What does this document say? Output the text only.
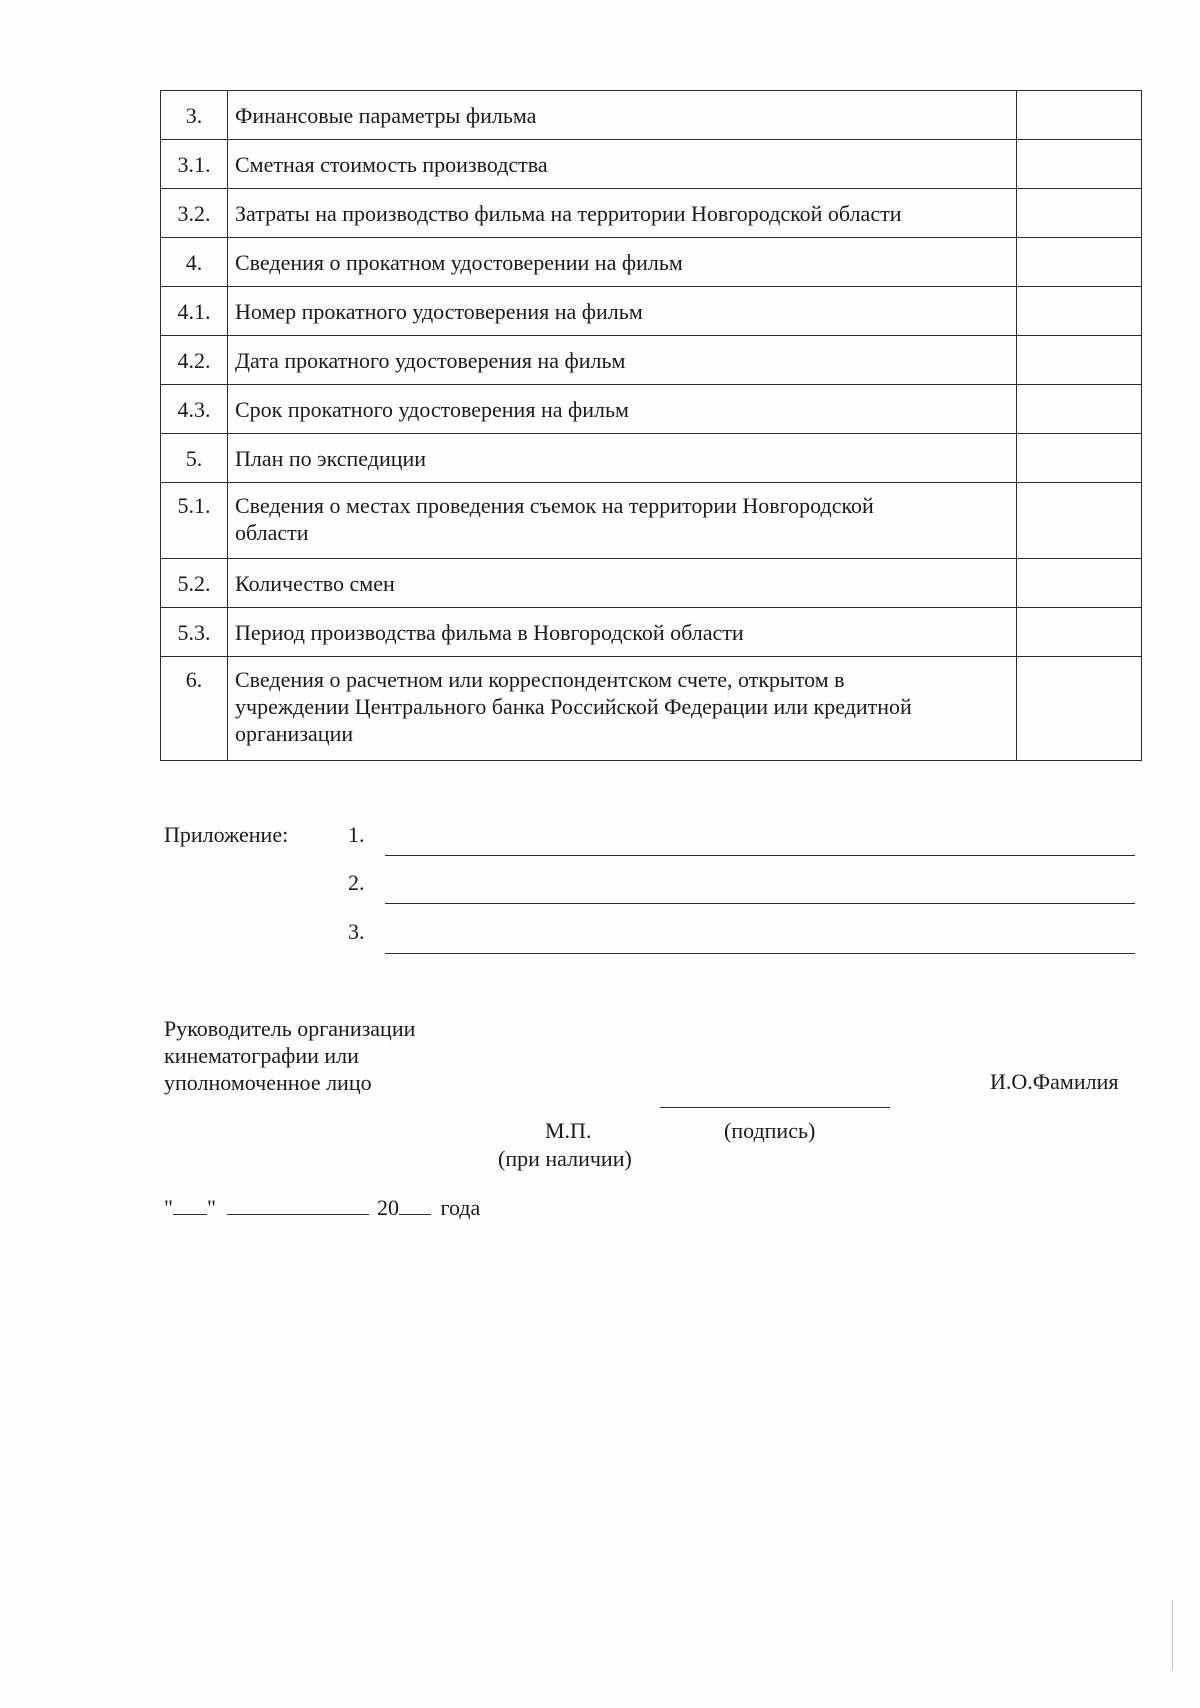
3.	Финансовые параметры фильма	
3.1.	Сметная стоимость производства	
3.2.	Затраты на производство фильма на территории Новгородской области	
4.	Сведения о прокатном удостоверении на фильм	
4.1.	Номер прокатного удостоверения на фильм	
4.2.	Дата прокатного удостоверения на фильм	
4.3.	Срок прокатного удостоверения на фильм	
5.	План по экспедиции	
5.1.	Сведения о местах проведения съемок на территории Новгородской
области	

5.2.	Количество смен	
5.3.	Период производства фильма в Новгородской области	
6.	Сведения о расчетном или корреспондентском счете, открытом в
учреждении Центрального банка Российской Федерации или кредитной
организации	

Приложение:	1.
2.
3.
Руководитель организации
кинематографии или
уполномоченное лицо	И.О.Фамилия
М.П.	(подпись)
(при наличии)
" "	20 года
